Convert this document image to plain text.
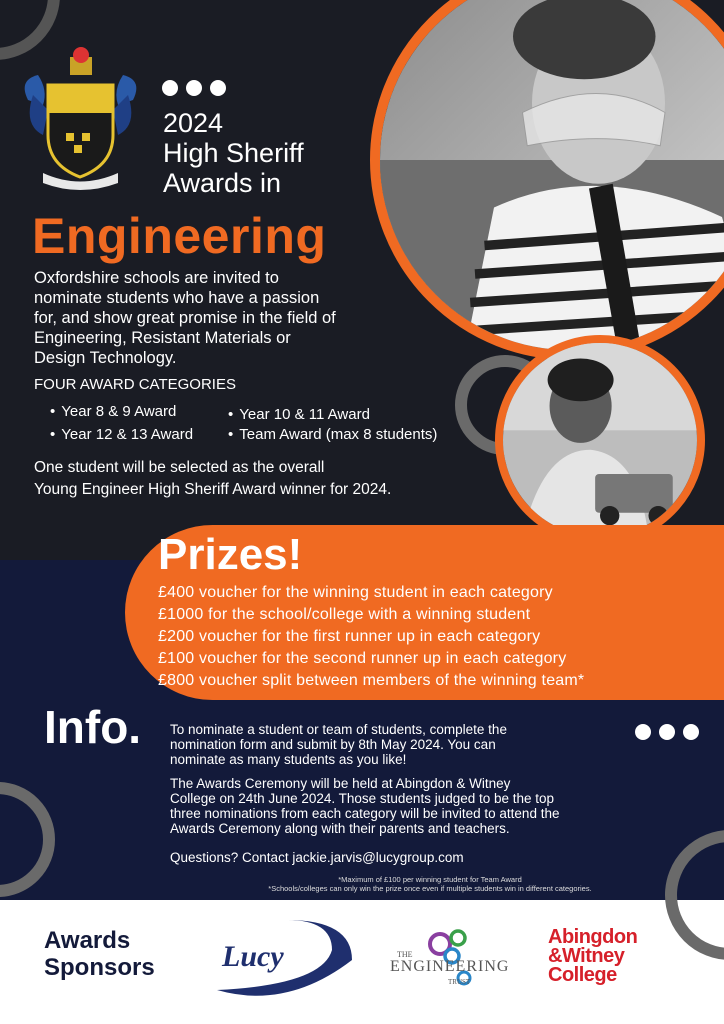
2024
High Sheriff
Awards in
Engineering
Oxfordshire schools are invited to
nominate students who have a passion
for, and show great promise in the field of
Engineering, Resistant Materials or
Design Technology.
FOUR AWARD CATEGORIES
• Year 8 & 9 Award	• Year 10 & 11 Award
• Year 12 & 13 Award	• Team Award (max 8 students)
One student will be selected as the overall
Young Engineer High Sheriff Award winner for 2024.
Prizes!
£400 voucher for the winning student in each category
£1000 for the school/college with a winning student
£200 voucher for the first runner up in each category
£100 voucher for the second runner up in each category
£800 voucher split between members of the winning team*
Info. To nominate a student or team of students, complete the
nomination form and submit by 8th May 2024. You can
nominate as many students as you like!
The Awards Ceremony will be held at Abingdon & Witney
College on 24th June 2024. Those students judged to be the top
three nominations from each category will be invited to attend the
Awards Ceremony along with their parents and teachers.
Questions? Contact jackie.jarvis@lucygroup.com
*Maximum of £100 per winning student for Team Award
*Schools/colleges can only win the prize once even if multiple students win in different categories.
Awards
Sponsors Lucy	THE
ENGINEERING
TRUST
Abingdon
&Witney
College
